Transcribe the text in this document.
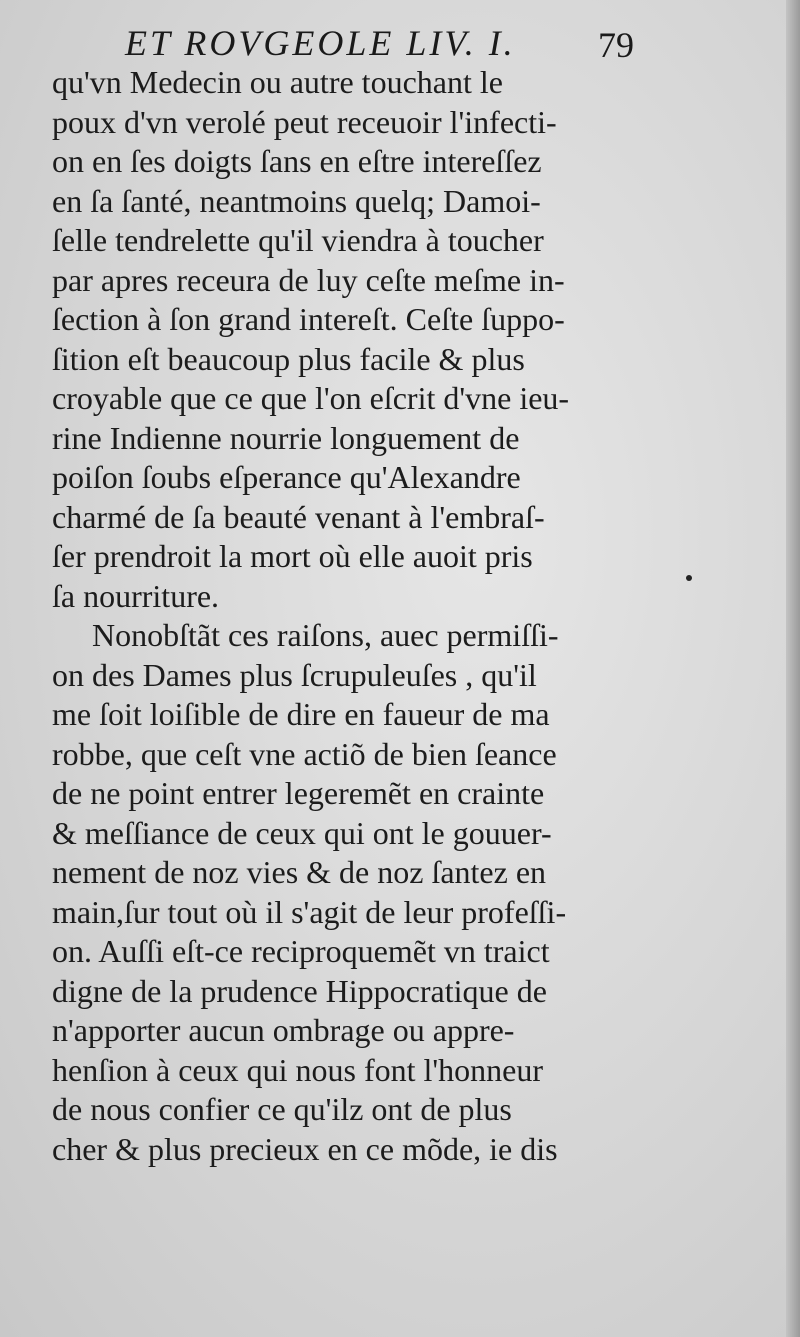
ET ROVGEOLE LIV. I. 79
qu'vn Medecin ou autre touchant le
poux d'vn verolé peut receuoir l'infecti-
on en ſes doigts ſans en eſtre intereſſez
en ſa ſanté, neantmoins quelq; Damoi-
ſelle tendrelette qu'il viendra à toucher
par apres receura de luy ceſte meſme in-
ſection à ſon grand intereſt. Ceſte ſuppo-
ſition eſt beaucoup plus facile & plus
croyable que ce que l'on eſcrit d'vne ieu-
rine Indienne nourrie longuement de
poiſon ſoubs eſperance qu'Alexandre
charmé de ſa beauté venant à l'embraſ-
ſer prendroit la mort où elle auoit pris
ſa nourriture.
Nonobſtãt ces raiſons, auec permiſſi-
on des Dames plus ſcrupuleuſes , qu'il
me ſoit loiſible de dire en faueur de ma
robbe, que ceſt vne actiõ de bien ſeance
de ne point entrer legeremẽt en crainte
& meſſiance de ceux qui ont le gouuer-
nement de noz vies & de noz ſantez en
main,ſur tout où il s'agit de leur profeſſi-
on. Auſſi eſt-ce reciproquemẽt vn traict
digne de la prudence Hippocratique de
n'apporter aucun ombrage ou appre-
henſion à ceux qui nous font l'honneur
de nous confier ce qu'ilz ont de plus
cher & plus precieux en ce mõde, ie dis
